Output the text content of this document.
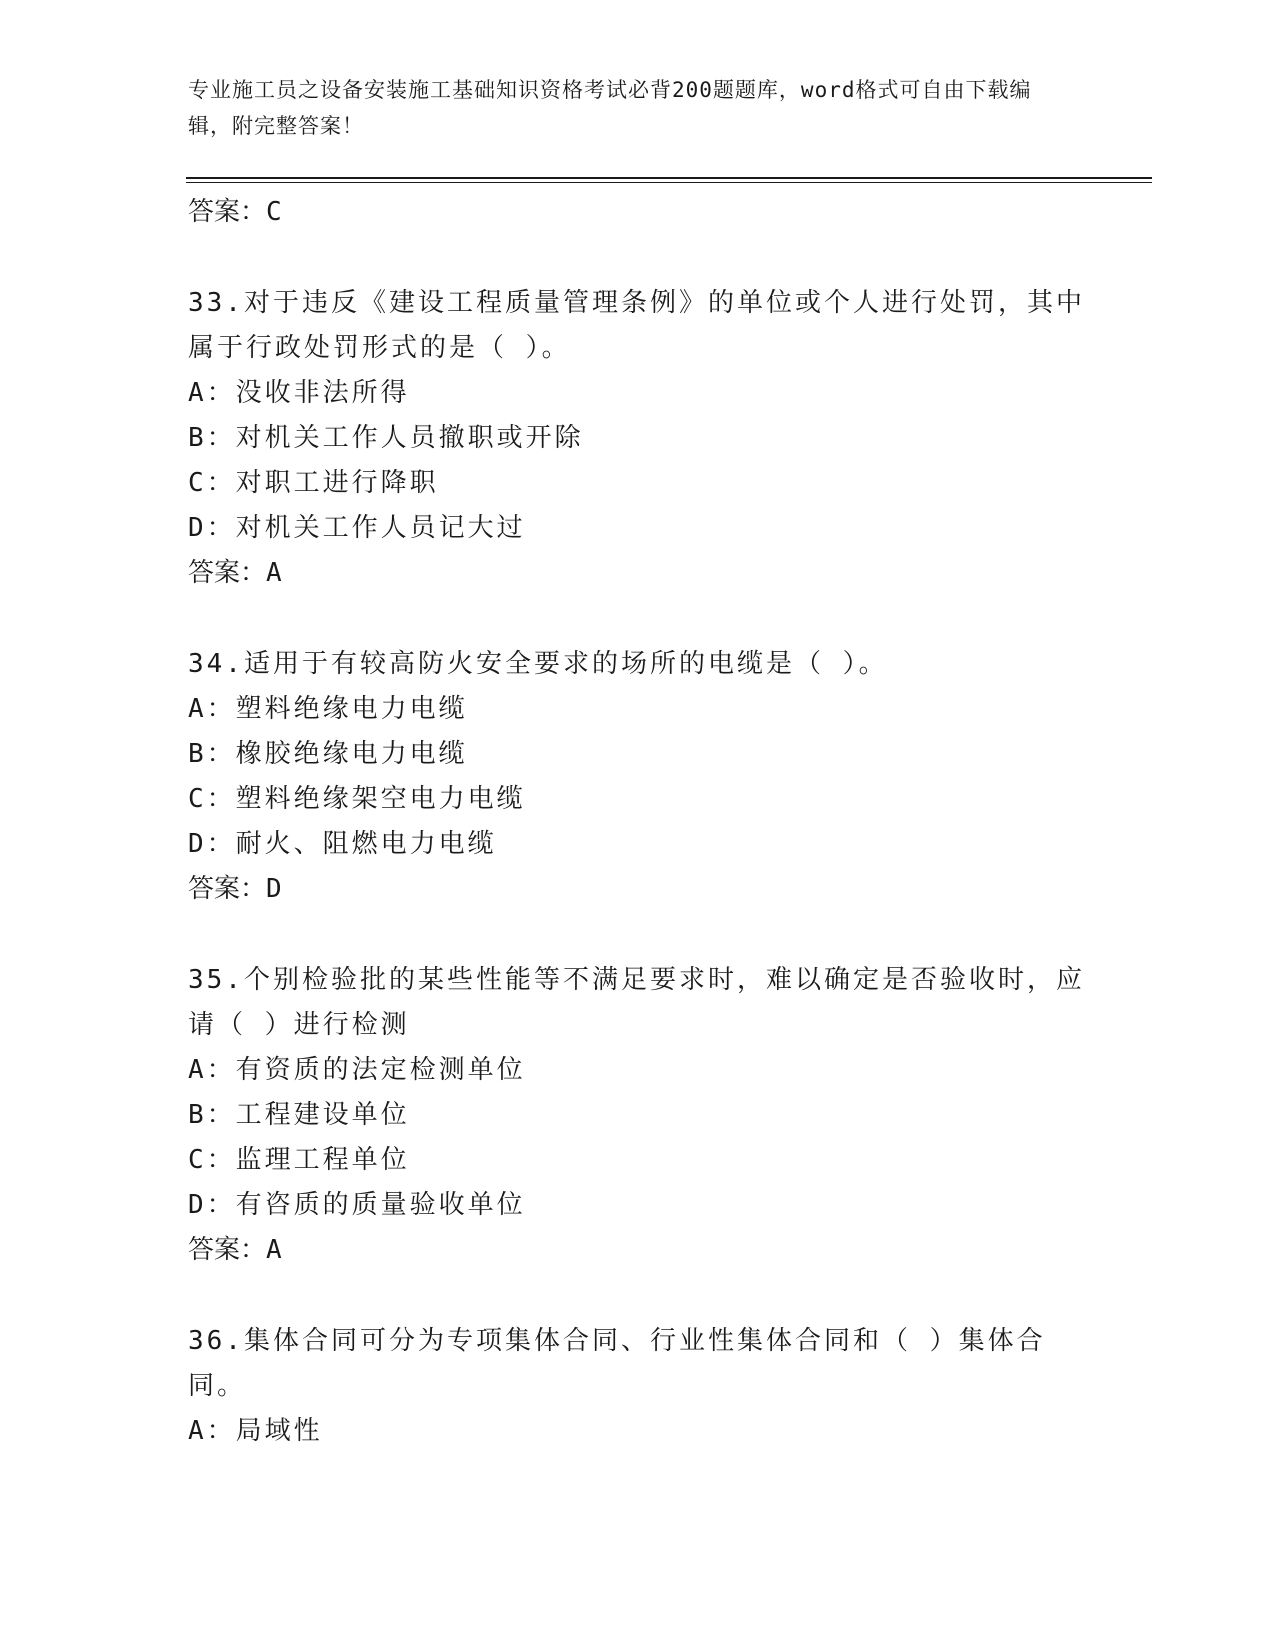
专业施工员之设备安装施工基础知识资格考试必背200题题库，word格式可自由下载编辑，附完整答案！
答案：C
33.对于违反《建设工程质量管理条例》的单位或个人进行处罚，其中属于行政处罚形式的是（ ）。
A：没收非法所得
B：对机关工作人员撤职或开除
C：对职工进行降职
D：对机关工作人员记大过
答案：A
34.适用于有较高防火安全要求的场所的电缆是（ ）。
A：塑料绝缘电力电缆
B：橡胶绝缘电力电缆
C：塑料绝缘架空电力电缆
D：耐火、阻燃电力电缆
答案：D
35.个别检验批的某些性能等不满足要求时，难以确定是否验收时，应请（ ）进行检测
A：有资质的法定检测单位
B：工程建设单位
C：监理工程单位
D：有咨质的质量验收单位
答案：A
36.集体合同可分为专项集体合同、行业性集体合同和（ ）集体合同。
A：局域性
